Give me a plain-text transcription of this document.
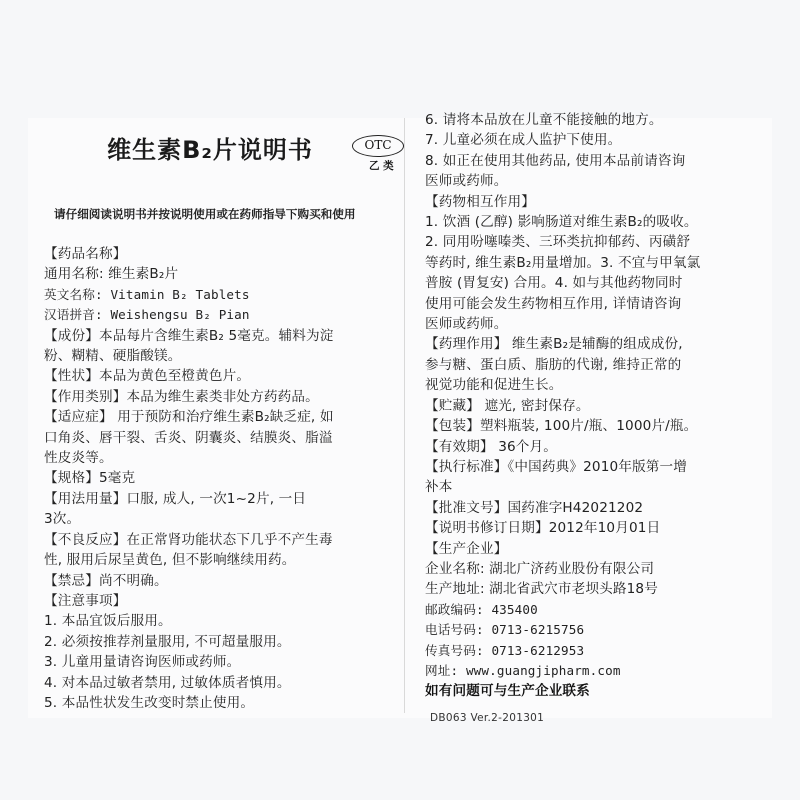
OTC
乙 类
维生素B₂片说明书
请仔细阅读说明书并按说明使用或在药师指导下购买和使用
【药品名称】
通用名称: 维生素B₂片
英文名称: Vitamin B₂ Tablets
汉语拼音: Weishengsu B₂ Pian
【成份】本品每片含维生素B₂ 5毫克。辅料为淀
粉、糊精、硬脂酸镁。
【性状】本品为黄色至橙黄色片。
【作用类别】本品为维生素类非处方药药品。
【适应症】 用于预防和治疗维生素B₂缺乏症, 如
口角炎、唇干裂、舌炎、阴囊炎、结膜炎、脂溢
性皮炎等。
【规格】5毫克
【用法用量】口服, 成人, 一次1~2片, 一日
3次。
【不良反应】在正常肾功能状态下几乎不产生毒
性, 服用后尿呈黄色, 但不影响继续用药。
【禁忌】尚不明确。
【注意事项】
1. 本品宜饭后服用。
2. 必须按推荐剂量服用, 不可超量服用。
3. 儿童用量请咨询医师或药师。
4. 对本品过敏者禁用, 过敏体质者慎用。
5. 本品性状发生改变时禁止使用。
6. 请将本品放在儿童不能接触的地方。
7. 儿童必须在成人监护下使用。
8. 如正在使用其他药品, 使用本品前请咨询
医师或药师。
【药物相互作用】
1. 饮酒 (乙醇) 影响肠道对维生素B₂的吸收。
2. 同用吩噻嗪类、三环类抗抑郁药、丙磺舒
等药时, 维生素B₂用量增加。3. 不宜与甲氧氯
普胺 (胃复安) 合用。4. 如与其他药物同时
使用可能会发生药物相互作用, 详情请咨询
医师或药师。
【药理作用】 维生素B₂是辅酶的组成成份,
参与糖、蛋白质、脂肪的代谢, 维持正常的
视觉功能和促进生长。
【贮藏】 遮光, 密封保存。
【包装】塑料瓶装, 100片/瓶、1000片/瓶。
【有效期】 36个月。
【执行标准】《中国药典》2010年版第一增
补本
【批准文号】国药准字H42021202
【说明书修订日期】2012年10月01日
【生产企业】
企业名称: 湖北广济药业股份有限公司
生产地址: 湖北省武穴市老坝头路18号
邮政编码: 435400
电话号码: 0713-6215756
传真号码: 0713-6212953
网址: www.guangjipharm.com
如有问题可与生产企业联系
DB063 Ver.2-201301
